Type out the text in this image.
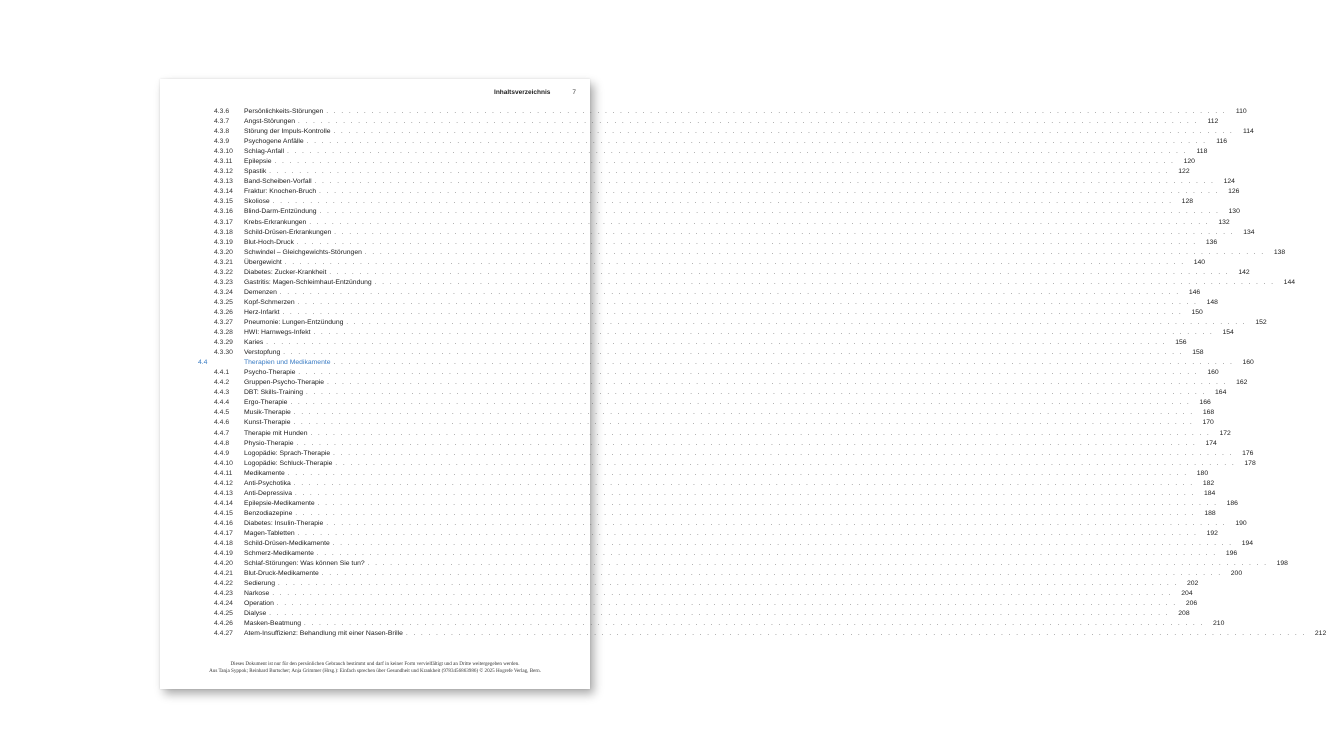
Inhaltsverzeichnis	7
4.3.6	Persönlichkeits-Störungen . . . . . . . . . . . . . . . . . . . . . . . . . . . . . . . . . . . . . . . . . . . . . . . . . . . . . . . . . . . . . . . . . . . . . . . . . . . . . . . . . . . . . . . . . . . . . . . . . . . . . . . . . . . . . . . . . . . . . . . .	110
4.3.7	Angst-Störungen . . . . . . . . . . . . . . . . . . . . . . . . . . . . . . . . . . . . . . . . . . . . . . . . . . . . . . . . . . . . . . . . . . . . . . . . . . . . . . . . . . . . . . . . . . . . . . . . . . . . . . . . . . . . . . . . . . . . . . . .	112
4.3.8	Störung der Impuls-Kontrolle . . . . . . . . . . . . . . . . . . . . . . . . . . . . . . . . . . . . . . . . . . . . . . . . . . . . . . . . . . . . . . . . . . . . . . . . . . . . . . . . . . . . . . . . . . . . . . . . . . . . . . . . . . . . . . . . . . . . . . . .	114
4.3.9	Psychogene Anfälle . . . . . . . . . . . . . . . . . . . . . . . . . . . . . . . . . . . . . . . . . . . . . . . . . . . . . . . . . . . . . . . . . . . . . . . . . . . . . . . . . . . . . . . . . . . . . . . . . . . . . . . . . . . . . . . . . . . . . . . .	116
4.3.10	Schlag-Anfall . . . . . . . . . . . . . . . . . . . . . . . . . . . . . . . . . . . . . . . . . . . . . . . . . . . . . . . . . . . . . . . . . . . . . . . . . . . . . . . . . . . . . . . . . . . . . . . . . . . . . . . . . . . . . . . . . . . . . . . .	118
4.3.11	Epilepsie . . . . . . . . . . . . . . . . . . . . . . . . . . . . . . . . . . . . . . . . . . . . . . . . . . . . . . . . . . . . . . . . . . . . . . . . . . . . . . . . . . . . . . . . . . . . . . . . . . . . . . . . . . . . . . . . . . . . . . . .	120
4.3.12	Spastik . . . . . . . . . . . . . . . . . . . . . . . . . . . . . . . . . . . . . . . . . . . . . . . . . . . . . . . . . . . . . . . . . . . . . . . . . . . . . . . . . . . . . . . . . . . . . . . . . . . . . . . . . . . . . . . . . . . . . . . .	122
4.3.13	Band-Scheiben-Vorfall . . . . . . . . . . . . . . . . . . . . . . . . . . . . . . . . . . . . . . . . . . . . . . . . . . . . . . . . . . . . . . . . . . . . . . . . . . . . . . . . . . . . . . . . . . . . . . . . . . . . . . . . . . . . . . . . . . . . . . . .	124
4.3.14	Fraktur: Knochen-Bruch . . . . . . . . . . . . . . . . . . . . . . . . . . . . . . . . . . . . . . . . . . . . . . . . . . . . . . . . . . . . . . . . . . . . . . . . . . . . . . . . . . . . . . . . . . . . . . . . . . . . . . . . . . . . . . . . . . . . . . . .	126
4.3.15	Skoliose . . . . . . . . . . . . . . . . . . . . . . . . . . . . . . . . . . . . . . . . . . . . . . . . . . . . . . . . . . . . . . . . . . . . . . . . . . . . . . . . . . . . . . . . . . . . . . . . . . . . . . . . . . . . . . . . . . . . . . . .	128
4.3.16	Blind-Darm-Entzündung . . . . . . . . . . . . . . . . . . . . . . . . . . . . . . . . . . . . . . . . . . . . . . . . . . . . . . . . . . . . . . . . . . . . . . . . . . . . . . . . . . . . . . . . . . . . . . . . . . . . . . . . . . . . . . . . . . . . . . . .	130
4.3.17	Krebs-Erkrankungen . . . . . . . . . . . . . . . . . . . . . . . . . . . . . . . . . . . . . . . . . . . . . . . . . . . . . . . . . . . . . . . . . . . . . . . . . . . . . . . . . . . . . . . . . . . . . . . . . . . . . . . . . . . . . . . . . . . . . . . .	132
4.3.18	Schild-Drüsen-Erkrankungen . . . . . . . . . . . . . . . . . . . . . . . . . . . . . . . . . . . . . . . . . . . . . . . . . . . . . . . . . . . . . . . . . . . . . . . . . . . . . . . . . . . . . . . . . . . . . . . . . . . . . . . . . . . . . . . . . . . . . . . .	134
4.3.19	Blut-Hoch-Druck . . . . . . . . . . . . . . . . . . . . . . . . . . . . . . . . . . . . . . . . . . . . . . . . . . . . . . . . . . . . . . . . . . . . . . . . . . . . . . . . . . . . . . . . . . . . . . . . . . . . . . . . . . . . . . . . . . . . . . . .	136
4.3.20	Schwindel – Gleichgewichts-Störungen . . . . . . . . . . . . . . . . . . . . . . . . . . . . . . . . . . . . . . . . . . . . . . . . . . . . . . . . . . . . . . . . . . . . . . . . . . . . . . . . . . . . . . . . . . . . . . . . . . . . . . . . . . . . . . . . . . . . . . . .	138
4.3.21	Übergewicht . . . . . . . . . . . . . . . . . . . . . . . . . . . . . . . . . . . . . . . . . . . . . . . . . . . . . . . . . . . . . . . . . . . . . . . . . . . . . . . . . . . . . . . . . . . . . . . . . . . . . . . . . . . . . . . . . . . . . . . .	140
4.3.22	Diabetes: Zucker-Krankheit . . . . . . . . . . . . . . . . . . . . . . . . . . . . . . . . . . . . . . . . . . . . . . . . . . . . . . . . . . . . . . . . . . . . . . . . . . . . . . . . . . . . . . . . . . . . . . . . . . . . . . . . . . . . . . . . . . . . . . . .	142
4.3.23	Gastritis: Magen-Schleimhaut-Entzündung . . . . . . . . . . . . . . . . . . . . . . . . . . . . . . . . . . . . . . . . . . . . . . . . . . . . . . . . . . . . . . . . . . . . . . . . . . . . . . . . . . . . . . . . . . . . . . . . . . . . . . . . . . . . . . . . . . . . . . . .	144
4.3.24	Demenzen . . . . . . . . . . . . . . . . . . . . . . . . . . . . . . . . . . . . . . . . . . . . . . . . . . . . . . . . . . . . . . . . . . . . . . . . . . . . . . . . . . . . . . . . . . . . . . . . . . . . . . . . . . . . . . . . . . . . . . . .	146
4.3.25	Kopf-Schmerzen . . . . . . . . . . . . . . . . . . . . . . . . . . . . . . . . . . . . . . . . . . . . . . . . . . . . . . . . . . . . . . . . . . . . . . . . . . . . . . . . . . . . . . . . . . . . . . . . . . . . . . . . . . . . . . . . . . . . . . . .	148
4.3.26	Herz-Infarkt . . . . . . . . . . . . . . . . . . . . . . . . . . . . . . . . . . . . . . . . . . . . . . . . . . . . . . . . . . . . . . . . . . . . . . . . . . . . . . . . . . . . . . . . . . . . . . . . . . . . . . . . . . . . . . . . . . . . . . . .	150
4.3.27	Pneumonie: Lungen-Entzündung . . . . . . . . . . . . . . . . . . . . . . . . . . . . . . . . . . . . . . . . . . . . . . . . . . . . . . . . . . . . . . . . . . . . . . . . . . . . . . . . . . . . . . . . . . . . . . . . . . . . . . . . . . . . . . . . . . . . . . . .	152
4.3.28	HWI: Harnwegs-Infekt . . . . . . . . . . . . . . . . . . . . . . . . . . . . . . . . . . . . . . . . . . . . . . . . . . . . . . . . . . . . . . . . . . . . . . . . . . . . . . . . . . . . . . . . . . . . . . . . . . . . . . . . . . . . . . . . . . . . . . . .	154
4.3.29	Karies . . . . . . . . . . . . . . . . . . . . . . . . . . . . . . . . . . . . . . . . . . . . . . . . . . . . . . . . . . . . . . . . . . . . . . . . . . . . . . . . . . . . . . . . . . . . . . . . . . . . . . . . . . . . . . . . . . . . . . . .	156
4.3.30	Verstopfung . . . . . . . . . . . . . . . . . . . . . . . . . . . . . . . . . . . . . . . . . . . . . . . . . . . . . . . . . . . . . . . . . . . . . . . . . . . . . . . . . . . . . . . . . . . . . . . . . . . . . . . . . . . . . . . . . . . . . . . .	158
4.4	Therapien und Medikamente . . . . . . . . . . . . . . . . . . . . . . . . . . . . . . . . . . . . . . . . . . . . . . . . . . . . . . . . . . . . . . . . . . . . . . . . . . . . . . . . . . . . . . . . . . . . . . . . . . . . . . . . . . . . . . . . . . . . . . . .	160
4.4.1	Psycho-Therapie . . . . . . . . . . . . . . . . . . . . . . . . . . . . . . . . . . . . . . . . . . . . . . . . . . . . . . . . . . . . . . . . . . . . . . . . . . . . . . . . . . . . . . . . . . . . . . . . . . . . . . . . . . . . . . . . . . . . . . . .	160
4.4.2	Gruppen-Psycho-Therapie . . . . . . . . . . . . . . . . . . . . . . . . . . . . . . . . . . . . . . . . . . . . . . . . . . . . . . . . . . . . . . . . . . . . . . . . . . . . . . . . . . . . . . . . . . . . . . . . . . . . . . . . . . . . . . . . . . . . . . . .	162
4.4.3	DBT: Skills-Training . . . . . . . . . . . . . . . . . . . . . . . . . . . . . . . . . . . . . . . . . . . . . . . . . . . . . . . . . . . . . . . . . . . . . . . . . . . . . . . . . . . . . . . . . . . . . . . . . . . . . . . . . . . . . . . . . . . . . . . .	164
4.4.4	Ergo-Therapie . . . . . . . . . . . . . . . . . . . . . . . . . . . . . . . . . . . . . . . . . . . . . . . . . . . . . . . . . . . . . . . . . . . . . . . . . . . . . . . . . . . . . . . . . . . . . . . . . . . . . . . . . . . . . . . . . . . . . . . .	166
4.4.5	Musik-Therapie . . . . . . . . . . . . . . . . . . . . . . . . . . . . . . . . . . . . . . . . . . . . . . . . . . . . . . . . . . . . . . . . . . . . . . . . . . . . . . . . . . . . . . . . . . . . . . . . . . . . . . . . . . . . . . . . . . . . . . . .	168
4.4.6	Kunst-Therapie . . . . . . . . . . . . . . . . . . . . . . . . . . . . . . . . . . . . . . . . . . . . . . . . . . . . . . . . . . . . . . . . . . . . . . . . . . . . . . . . . . . . . . . . . . . . . . . . . . . . . . . . . . . . . . . . . . . . . . . .	170
4.4.7	Therapie mit Hunden . . . . . . . . . . . . . . . . . . . . . . . . . . . . . . . . . . . . . . . . . . . . . . . . . . . . . . . . . . . . . . . . . . . . . . . . . . . . . . . . . . . . . . . . . . . . . . . . . . . . . . . . . . . . . . . . . . . . . . . .	172
4.4.8	Physio-Therapie . . . . . . . . . . . . . . . . . . . . . . . . . . . . . . . . . . . . . . . . . . . . . . . . . . . . . . . . . . . . . . . . . . . . . . . . . . . . . . . . . . . . . . . . . . . . . . . . . . . . . . . . . . . . . . . . . . . . . . . .	174
4.4.9	Logopädie: Sprach-Therapie . . . . . . . . . . . . . . . . . . . . . . . . . . . . . . . . . . . . . . . . . . . . . . . . . . . . . . . . . . . . . . . . . . . . . . . . . . . . . . . . . . . . . . . . . . . . . . . . . . . . . . . . . . . . . . . . . . . . . . . .	176
4.4.10	Logopädie: Schluck-Therapie . . . . . . . . . . . . . . . . . . . . . . . . . . . . . . . . . . . . . . . . . . . . . . . . . . . . . . . . . . . . . . . . . . . . . . . . . . . . . . . . . . . . . . . . . . . . . . . . . . . . . . . . . . . . . . . . . . . . . . . .	178
4.4.11	Medikamente . . . . . . . . . . . . . . . . . . . . . . . . . . . . . . . . . . . . . . . . . . . . . . . . . . . . . . . . . . . . . . . . . . . . . . . . . . . . . . . . . . . . . . . . . . . . . . . . . . . . . . . . . . . . . . . . . . . . . . . .	180
4.4.12	Anti-Psychotika . . . . . . . . . . . . . . . . . . . . . . . . . . . . . . . . . . . . . . . . . . . . . . . . . . . . . . . . . . . . . . . . . . . . . . . . . . . . . . . . . . . . . . . . . . . . . . . . . . . . . . . . . . . . . . . . . . . . . . . .	182
4.4.13	Anti-Depressiva . . . . . . . . . . . . . . . . . . . . . . . . . . . . . . . . . . . . . . . . . . . . . . . . . . . . . . . . . . . . . . . . . . . . . . . . . . . . . . . . . . . . . . . . . . . . . . . . . . . . . . . . . . . . . . . . . . . . . . . .	184
4.4.14	Epilepsie-Medikamente . . . . . . . . . . . . . . . . . . . . . . . . . . . . . . . . . . . . . . . . . . . . . . . . . . . . . . . . . . . . . . . . . . . . . . . . . . . . . . . . . . . . . . . . . . . . . . . . . . . . . . . . . . . . . . . . . . . . . . . .	186
4.4.15	Benzodiazepine . . . . . . . . . . . . . . . . . . . . . . . . . . . . . . . . . . . . . . . . . . . . . . . . . . . . . . . . . . . . . . . . . . . . . . . . . . . . . . . . . . . . . . . . . . . . . . . . . . . . . . . . . . . . . . . . . . . . . . . .	188
4.4.16	Diabetes: Insulin-Therapie . . . . . . . . . . . . . . . . . . . . . . . . . . . . . . . . . . . . . . . . . . . . . . . . . . . . . . . . . . . . . . . . . . . . . . . . . . . . . . . . . . . . . . . . . . . . . . . . . . . . . . . . . . . . . . . . . . . . . . . .	190
4.4.17	Magen-Tabletten . . . . . . . . . . . . . . . . . . . . . . . . . . . . . . . . . . . . . . . . . . . . . . . . . . . . . . . . . . . . . . . . . . . . . . . . . . . . . . . . . . . . . . . . . . . . . . . . . . . . . . . . . . . . . . . . . . . . . . . .	192
4.4.18	Schild-Drüsen-Medikamente . . . . . . . . . . . . . . . . . . . . . . . . . . . . . . . . . . . . . . . . . . . . . . . . . . . . . . . . . . . . . . . . . . . . . . . . . . . . . . . . . . . . . . . . . . . . . . . . . . . . . . . . . . . . . . . . . . . . . . . .	194
4.4.19	Schmerz-Medikamente . . . . . . . . . . . . . . . . . . . . . . . . . . . . . . . . . . . . . . . . . . . . . . . . . . . . . . . . . . . . . . . . . . . . . . . . . . . . . . . . . . . . . . . . . . . . . . . . . . . . . . . . . . . . . . . . . . . . . . . .	196
4.4.20	Schlaf-Störungen: Was können Sie tun? . . . . . . . . . . . . . . . . . . . . . . . . . . . . . . . . . . . . . . . . . . . . . . . . . . . . . . . . . . . . . . . . . . . . . . . . . . . . . . . . . . . . . . . . . . . . . . . . . . . . . . . . . . . . . . . . . . . . . . . .	198
4.4.21	Blut-Druck-Medikamente . . . . . . . . . . . . . . . . . . . . . . . . . . . . . . . . . . . . . . . . . . . . . . . . . . . . . . . . . . . . . . . . . . . . . . . . . . . . . . . . . . . . . . . . . . . . . . . . . . . . . . . . . . . . . . . . . . . . . . . .	200
4.4.22	Sedierung . . . . . . . . . . . . . . . . . . . . . . . . . . . . . . . . . . . . . . . . . . . . . . . . . . . . . . . . . . . . . . . . . . . . . . . . . . . . . . . . . . . . . . . . . . . . . . . . . . . . . . . . . . . . . . . . . . . . . . . .	202
4.4.23	Narkose . . . . . . . . . . . . . . . . . . . . . . . . . . . . . . . . . . . . . . . . . . . . . . . . . . . . . . . . . . . . . . . . . . . . . . . . . . . . . . . . . . . . . . . . . . . . . . . . . . . . . . . . . . . . . . . . . . . . . . . .	204
4.4.24	Operation . . . . . . . . . . . . . . . . . . . . . . . . . . . . . . . . . . . . . . . . . . . . . . . . . . . . . . . . . . . . . . . . . . . . . . . . . . . . . . . . . . . . . . . . . . . . . . . . . . . . . . . . . . . . . . . . . . . . . . . .	206
4.4.25	Dialyse . . . . . . . . . . . . . . . . . . . . . . . . . . . . . . . . . . . . . . . . . . . . . . . . . . . . . . . . . . . . . . . . . . . . . . . . . . . . . . . . . . . . . . . . . . . . . . . . . . . . . . . . . . . . . . . . . . . . . . . .	208
4.4.26	Masken-Beatmung . . . . . . . . . . . . . . . . . . . . . . . . . . . . . . . . . . . . . . . . . . . . . . . . . . . . . . . . . . . . . . . . . . . . . . . . . . . . . . . . . . . . . . . . . . . . . . . . . . . . . . . . . . . . . . . . . . . . . . . .	210
4.4.27	Atem-Insuffizienz: Behandlung mit einer Nasen-Brille . . . . . . . . . . . . . . . . . . . . . . . . . . . . . . . . . . . . . . . . . . . . . . . . . . . . . . . . . . . . . . . . . . . . . . . . . . . . . . . . . . . . . . . . . . . . . . . . . . . . . . . . . . . . . . . . . . . . . . . .	212
Dieses Dokument ist nur für den persönlichen Gebrauch bestimmt und darf in keiner Form vervielfältigt und an Dritte weitergegeben werden.
Aus Tanja Syppok; Reinhard Burtscher; Anja Grimmer (Hrsg.): Einfach sprechen über Gesundheit und Krankheit (9783456863986) © 2025 Hogrefe Verlag, Bern.
